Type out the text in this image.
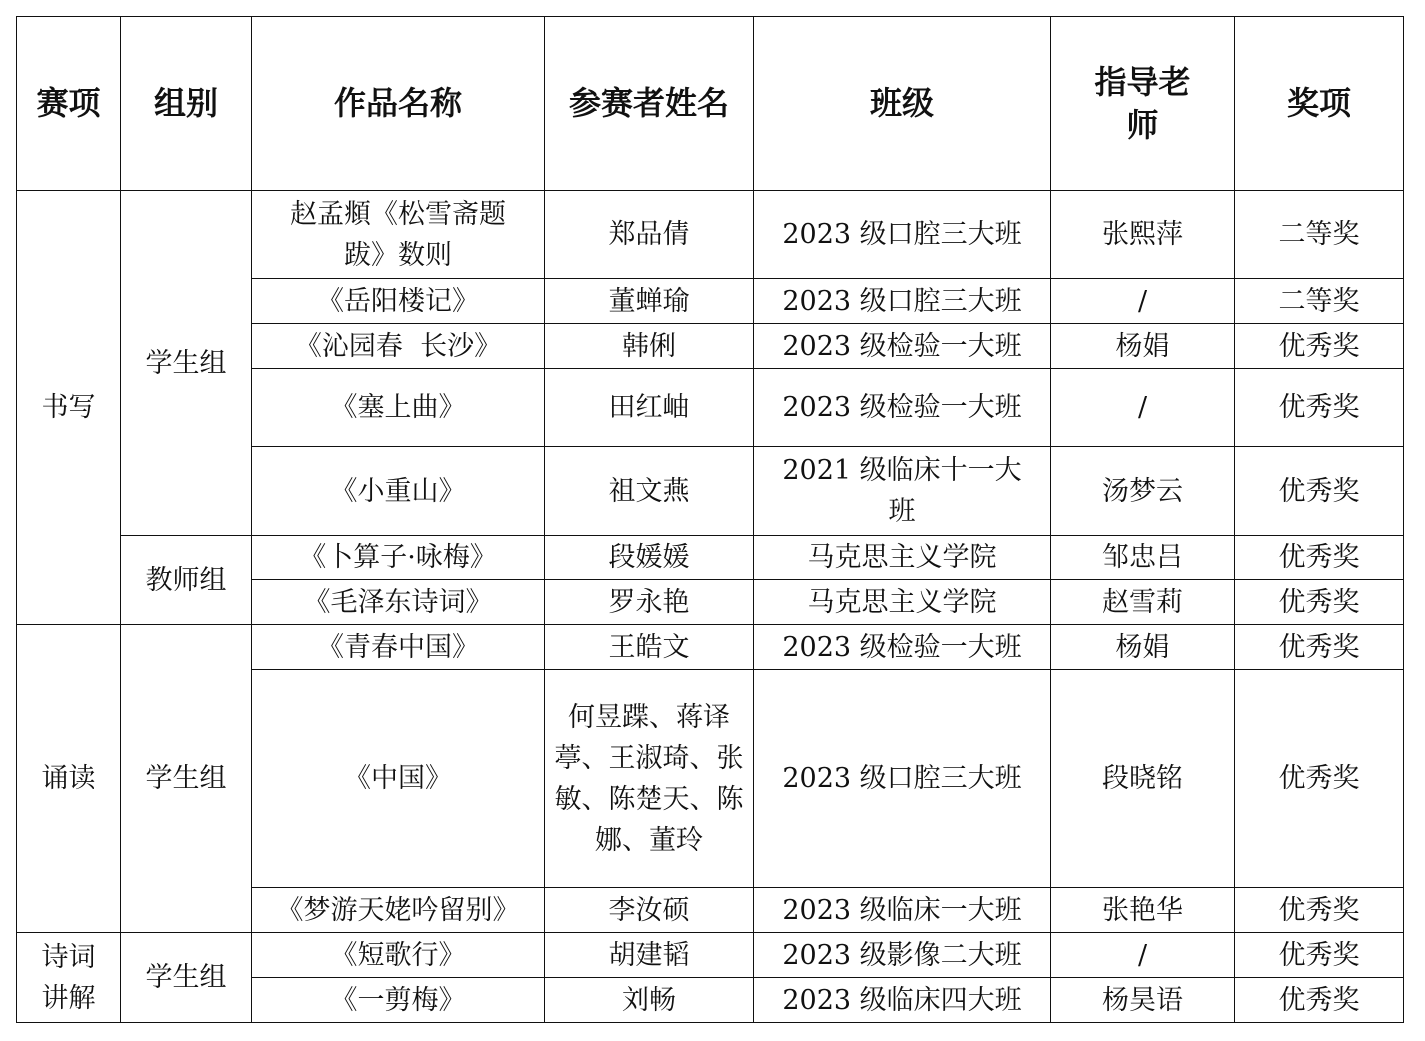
赛项	组别	作品名称	参赛者姓名	班级	指导老师	奖项

书写	学生组	赵孟頫《松雪斋题跋》数则	郑品倩	2023 级口腔三大班	张熙萍	二等奖
		《岳阳楼记》	董蝉瑜	2023 级口腔三大班	/	二等奖
		《沁园春  长沙》	韩俐	2023 级检验一大班	杨娟	优秀奖
		《塞上曲》	田红岫	2023 级检验一大班	/	优秀奖
		《小重山》	祖文燕	2021 级临床十一大班	汤梦云	优秀奖
	教师组	《卜算子·咏梅》	段媛媛	马克思主义学院	邹忠吕	优秀奖
		《毛泽东诗词》	罗永艳	马克思主义学院	赵雪莉	优秀奖
诵读	学生组	《青春中国》	王皓文	2023 级检验一大班	杨娟	优秀奖
		《中国》	何昱蹀、蒋译葶、王淑琦、张敏、陈楚天、陈娜、董玲	2023 级口腔三大班	段晓铭	优秀奖
		《梦游天姥吟留别》	李汝硕	2023 级临床一大班	张艳华	优秀奖
诗词讲解	学生组	《短歌行》	胡建韬	2023 级影像二大班	/	优秀奖
		《一剪梅》	刘畅	2023 级临床四大班	杨昊语	优秀奖
